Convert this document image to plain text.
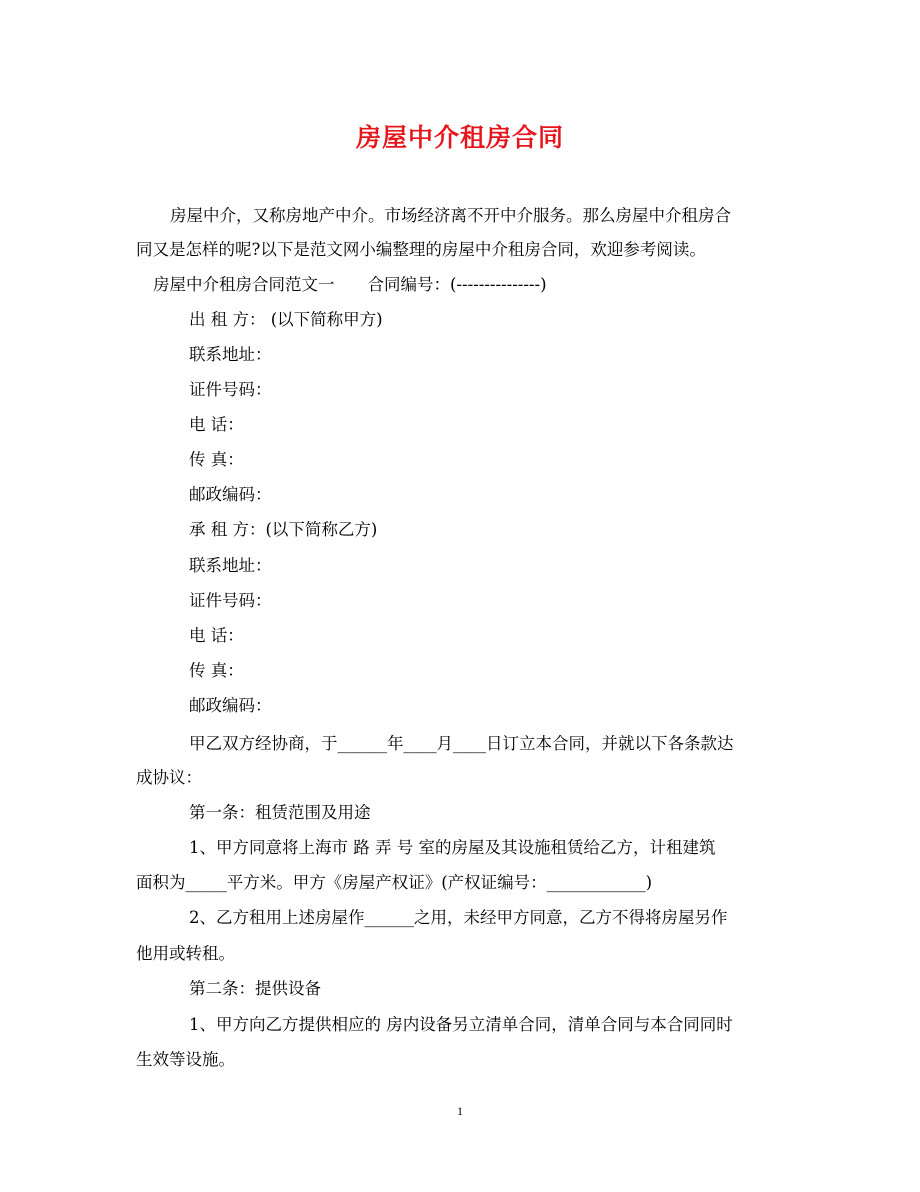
房屋中介租房合同
房屋中介，又称房地产中介。市场经济离不开中介服务。那么房屋中介租房合
同又是怎样的呢?以下是范文网小编整理的房屋中介租房合同，欢迎参考阅读。
房屋中介租房合同范文一　　合同编号：(---------------)
出 租 方： (以下简称甲方)
联系地址：
证件号码：
电 话：
传 真：
邮政编码：
承 租 方：(以下简称乙方)
联系地址：
证件号码：
电 话：
传 真：
邮政编码：
甲乙双方经协商，于______年____月____日订立本合同，并就以下各条款达
成协议：
第一条：租赁范围及用途
1、甲方同意将上海市 路 弄 号 室的房屋及其设施租赁给乙方，计租建筑
面积为_____平方米。甲方《房屋产权证》(产权证编号：____________)
2、乙方租用上述房屋作______之用，未经甲方同意，乙方不得将房屋另作
他用或转租。
第二条：提供设备
1、甲方向乙方提供相应的 房内设备另立清单合同，清单合同与本合同同时
生效等设施。
1
